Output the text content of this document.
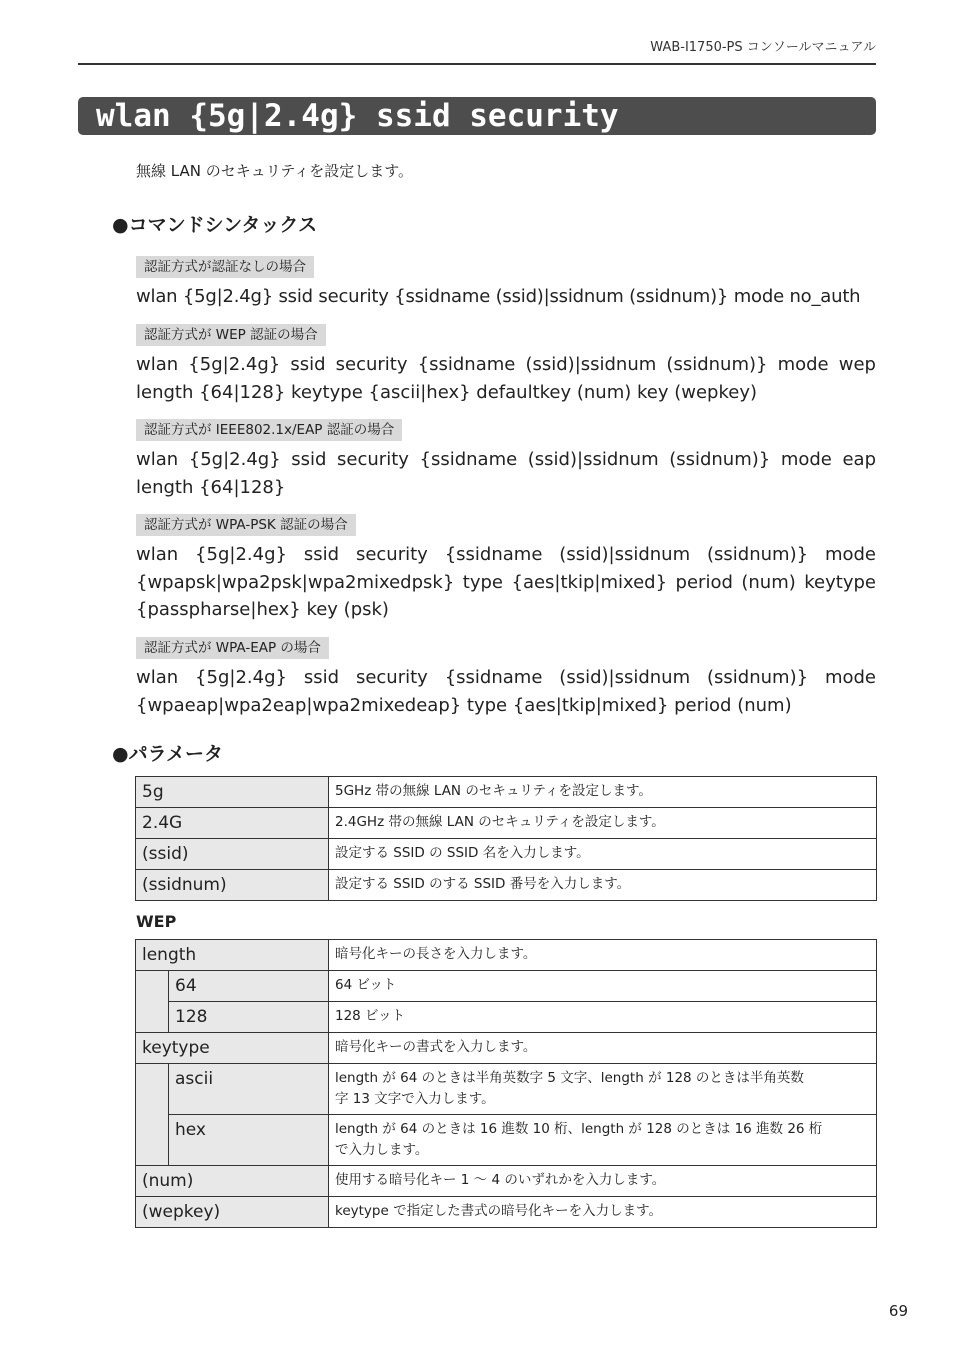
WAB-I1750-PS コンソールマニュアル
wlan {5g|2.4g} ssid security
無線 LAN のセキュリティを設定します。
●コマンドシンタックス
認証方式が認証なしの場合
wlan {5g|2.4g} ssid security {ssidname (ssid)|ssidnum (ssidnum)} mode no_auth
認証方式が WEP 認証の場合
wlan {5g|2.4g} ssid security {ssidname (ssid)|ssidnum (ssidnum)} mode wep
length {64|128} keytype {ascii|hex} defaultkey (num) key (wepkey)
認証方式が IEEE802.1x/EAP 認証の場合
wlan {5g|2.4g} ssid security {ssidname (ssid)|ssidnum (ssidnum)} mode eap
length {64|128}
認証方式が WPA-PSK 認証の場合
wlan {5g|2.4g} ssid security {ssidname (ssid)|ssidnum (ssidnum)} mode
{wpapsk|wpa2psk|wpa2mixedpsk} type {aes|tkip|mixed} period (num) keytype
{passpharse|hex} key (psk)
認証方式が WPA-EAP の場合
wlan {5g|2.4g} ssid security {ssidname (ssid)|ssidnum (ssidnum)} mode
{wpaeap|wpa2eap|wpa2mixedeap} type {aes|tkip|mixed} period (num)
●パラメータ
5g	5GHz 帯の無線 LAN のセキュリティを設定します。
2.4G	2.4GHz 帯の無線 LAN のセキュリティを設定します。
(ssid)	設定する SSID の SSID 名を入力します。
(ssidnum)	設定する SSID のする SSID 番号を入力します。
WEP
length		暗号化キーの長さを入力します。
	64	64 ビット
	128	128 ビット
keytype		暗号化キーの書式を入力します。
	ascii	length が 64 のときは半角英数字 5 文字、length が 128 のときは半角英数
字 13 文字で入力します。

	hex	length が 64 のときは 16 進数 10 桁、length が 128 のときは 16 進数 26 桁
で入力します。

(num)		使用する暗号化キー 1 〜 4 のいずれかを入力します。
(wepkey)		keytype で指定した書式の暗号化キーを入力します。
69
